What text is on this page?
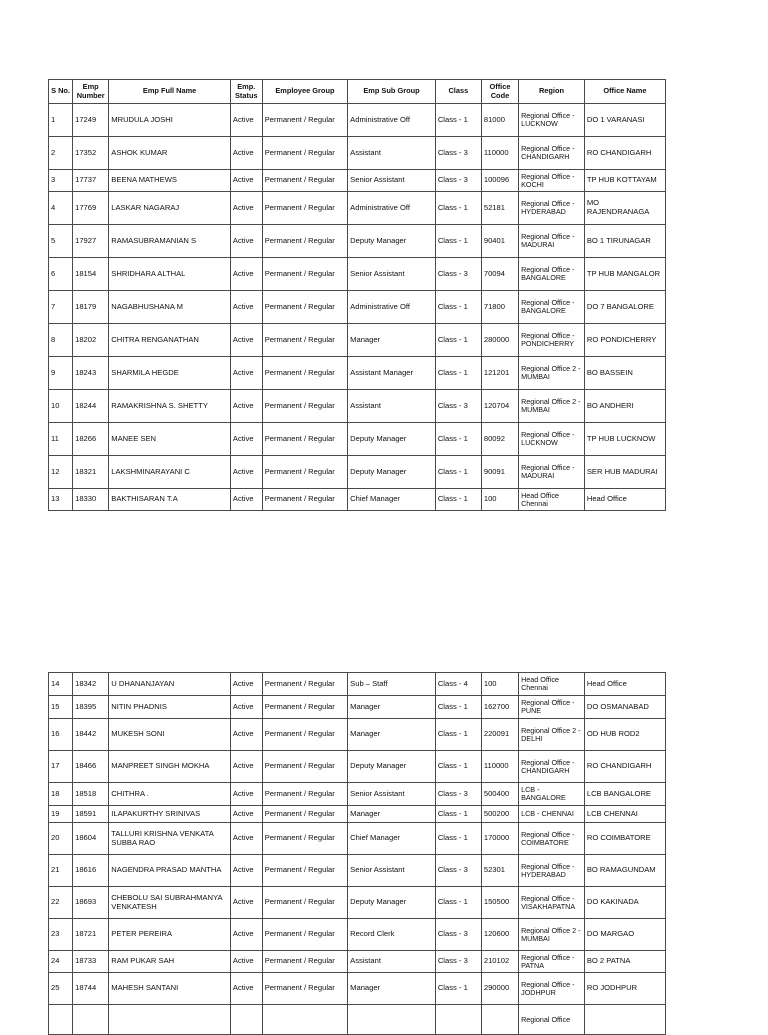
S No.	Emp Number	Emp Full Name	Emp. Status	Employee Group	Emp Sub Group	Class	Office Code	Region	Office Name
1	17249	MRUDULA JOSHI	Active	Permanent / Regular	Administrative Off	Class - 1	81000	Regional Office - LUCKNOW	DO 1 VARANASI
2	17352	ASHOK KUMAR	Active	Permanent / Regular	Assistant	Class - 3	110000	Regional Office - CHANDIGARH	RO CHANDIGARH
3	17737	BEENA MATHEWS	Active	Permanent / Regular	Senior Assistant	Class - 3	100096	Regional Office - KOCHI	TP HUB KOTTAYAM
4	17769	LASKAR NAGARAJ	Active	Permanent / Regular	Administrative Off	Class - 1	52181	Regional Office - HYDERABAD	MO RAJENDRANAGA
5	17927	RAMASUBRAMANIAN S	Active	Permanent / Regular	Deputy Manager	Class - 1	90401	Regional Office - MADURAI	BO 1 TIRUNAGAR
6	18154	SHRIDHARA ALTHAL	Active	Permanent / Regular	Senior Assistant	Class - 3	70094	Regional Office - BANGALORE	TP HUB MANGALOR
7	18179	NAGABHUSHANA M	Active	Permanent / Regular	Administrative Off	Class - 1	71800	Regional Office - BANGALORE	DO 7 BANGALORE
8	18202	CHITRA RENGANATHAN	Active	Permanent / Regular	Manager	Class - 1	280000	Regional Office - PONDICHERRY	RO PONDICHERRY
9	18243	SHARMILA HEGDE	Active	Permanent / Regular	Assistant Manager	Class - 1	121201	Regional Office 2 - MUMBAI	BO BASSEIN
10	18244	RAMAKRISHNA S. SHETTY	Active	Permanent / Regular	Assistant	Class - 3	120704	Regional Office 2 - MUMBAI	BO ANDHERI
11	18266	MANEE SEN	Active	Permanent / Regular	Deputy Manager	Class - 1	80092	Regional Office - LUCKNOW	TP HUB LUCKNOW
12	18321	LAKSHMINARAYANI C	Active	Permanent / Regular	Deputy Manager	Class - 1	90091	Regional Office - MADURAI	SER HUB MADURAI
13	18330	BAKTHISARAN T.A	Active	Permanent / Regular	Chief Manager	Class - 1	100	Head Office Chennai	Head Office
14	18342	U DHANANJAYAN	Active	Permanent / Regular	Sub – Staff	Class - 4	100	Head Office Chennai	Head Office
15	18395	NITIN PHADNIS	Active	Permanent / Regular	Manager	Class - 1	162700	Regional Office - PUNE	DO OSMANABAD
16	18442	MUKESH SONI	Active	Permanent / Regular	Manager	Class - 1	220091	Regional Office 2 - DELHI	OD HUB ROD2
17	18466	MANPREET SINGH MOKHA	Active	Permanent / Regular	Deputy Manager	Class - 1	110000	Regional Office - CHANDIGARH	RO CHANDIGARH
18	18518	CHITHRA .	Active	Permanent / Regular	Senior Assistant	Class - 3	500400	LCB - BANGALORE	LCB BANGALORE
19	18591	ILAPAKURTHY SRINIVAS	Active	Permanent / Regular	Manager	Class - 1	500200	LCB - CHENNAI	LCB CHENNAI
20	18604	TALLURI KRISHNA VENKATA SUBBA RAO	Active	Permanent / Regular	Chief Manager	Class - 1	170000	Regional Office - COIMBATORE	RO COIMBATORE
21	18616	NAGENDRA PRASAD MANTHA	Active	Permanent / Regular	Senior Assistant	Class - 3	52301	Regional Office - HYDERABAD	BO RAMAGUNDAM
22	18693	CHEBOLU SAI SUBRAHMANYA VENKATESH	Active	Permanent / Regular	Deputy Manager	Class - 1	150500	Regional Office - VISAKHAPATNA	DO KAKINADA
23	18721	PETER PEREIRA	Active	Permanent / Regular	Record Clerk	Class - 3	120600	Regional Office 2 - MUMBAI	DO MARGAO
24	18733	RAM PUKAR SAH	Active	Permanent / Regular	Assistant	Class - 3	210102	Regional Office - PATNA	BO 2 PATNA
25	18744	MAHESH SANTANI	Active	Permanent / Regular	Manager	Class - 1	290000	Regional Office - JODHPUR	RO JODHPUR
								Regional Office	
